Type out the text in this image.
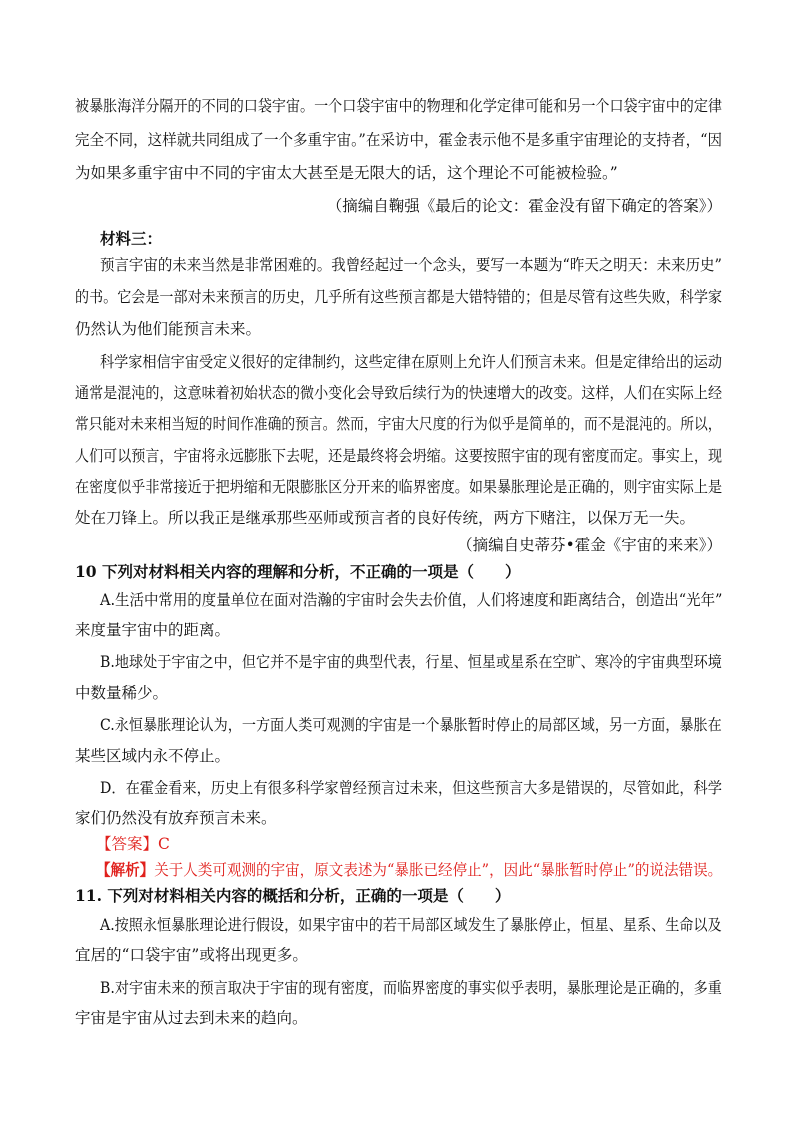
被暴胀海洋分隔开的不同的口袋宇宙。一个口袋宇宙中的物理和化学定律可能和另一个口袋宇宙中的定律
完全不同，这样就共同组成了一个多重宇宙。”在采访中，霍金表示他不是多重宇宙理论的支持者，“因
为如果多重宇宙中不同的宇宙太大甚至是无限大的话，这个理论不可能被检验。”
（摘编自鞠强《最后的论文：霍金没有留下确定的答案》）
材料三：
预言宇宙的未来当然是非常困难的。我曾经起过一个念头，要写一本题为“昨天之明天：未来历史”
的书。它会是一部对未来预言的历史，几乎所有这些预言都是大错特错的；但是尽管有这些失败，科学家
仍然认为他们能预言未来。
科学家相信宇宙受定义很好的定律制约，这些定律在原则上允许人们预言未来。但是定律给出的运动
通常是混沌的，这意味着初始状态的微小变化会导致后续行为的快速增大的改变。这样，人们在实际上经
常只能对未来相当短的时间作准确的预言。然而，宇宙大尺度的行为似乎是简单的，而不是混沌的。所以，
人们可以预言，宇宙将永远膨胀下去呢，还是最终将会坍缩。这要按照宇宙的现有密度而定。事实上，现
在密度似乎非常接近于把坍缩和无限膨胀区分开来的临界密度。如果暴胀理论是正确的，则宇宙实际上是
处在刀锋上。所以我正是继承那些巫师或预言者的良好传统，两方下赌注，以保万无一失。
（摘编自史蒂芬•霍金《宇宙的来来》）
10 下列对材料相关内容的理解和分析，不正确的一项是（　　）
A.生活中常用的度量单位在面对浩瀚的宇宙时会失去价值，人们将速度和距离结合，创造出“光年”
来度量宇宙中的距离。
B.地球处于宇宙之中，但它并不是宇宙的典型代表，行星、恒星或星系在空旷、寒冷的宇宙典型环境
中数量稀少。
C.永恒暴胀理论认为，一方面人类可观测的宇宙是一个暴胀暂时停止的局部区域，另一方面，暴胀在
某些区域内永不停止。
D．在霍金看来，历史上有很多科学家曾经预言过未来，但这些预言大多是错误的，尽管如此，科学
家们仍然没有放弃预言未来。
【答案】C
【解析】关于人类可观测的宇宙，原文表述为“暴胀已经停止”，因此“暴胀暂时停止”的说法错误。
11. 下列对材料相关内容的概括和分析，正确的一项是（　　）
A.按照永恒暴胀理论进行假设，如果宇宙中的若干局部区域发生了暴胀停止，恒星、星系、生命以及
宜居的“口袋宇宙”或将出现更多。
B.对宇宙未来的预言取决于宇宙的现有密度，而临界密度的事实似乎表明，暴胀理论是正确的，多重
宇宙是宇宙从过去到未来的趋向。
